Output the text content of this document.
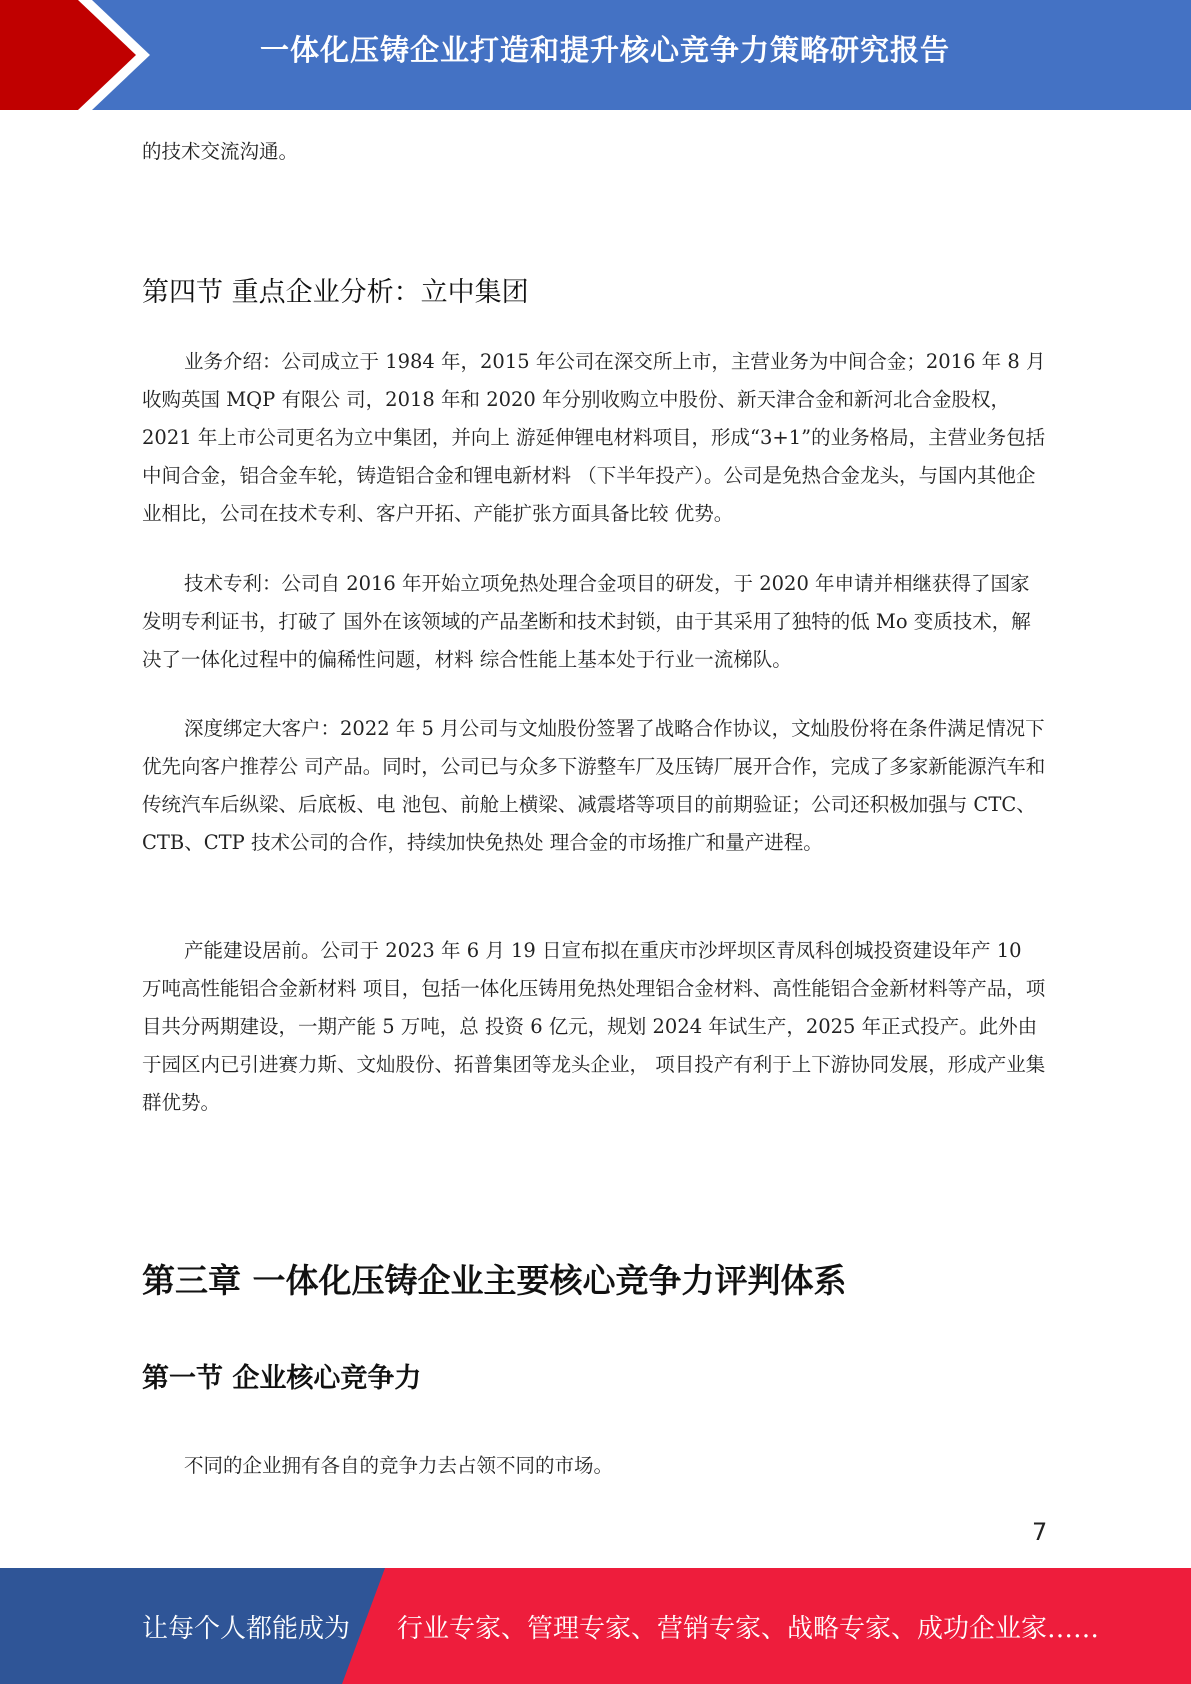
一体化压铸企业打造和提升核心竞争力策略研究报告

的技术交流沟通。

第四节 重点企业分析：立中集团

业务介绍：公司成立于 1984 年，2015 年公司在深交所上市，主营业务为中间合金；2016 年 8 月收购英国 MQP 有限公 司，2018 年和 2020 年分别收购立中股份、新天津合金和新河北合金股权，2021 年上市公司更名为立中集团，并向上 游延伸锂电材料项目，形成“3+1”的业务格局，主营业务包括中间合金，铝合金车轮，铸造铝合金和锂电新材料 （下半年投产）。公司是免热合金龙头，与国内其他企业相比，公司在技术专利、客户开拓、产能扩张方面具备比较 优势。

技术专利：公司自 2016 年开始立项免热处理合金项目的研发，于 2020 年申请并相继获得了国家发明专利证书，打破了 国外在该领域的产品垄断和技术封锁，由于其采用了独特的低 Mo 变质技术，解决了一体化过程中的偏稀性问题，材料 综合性能上基本处于行业一流梯队。

深度绑定大客户：2022 年 5 月公司与文灿股份签署了战略合作协议，文灿股份将在条件满足情况下优先向客户推荐公 司产品。同时，公司已与众多下游整车厂及压铸厂展开合作，完成了多家新能源汽车和传统汽车后纵梁、后底板、电 池包、前舱上横梁、减震塔等项目的前期验证；公司还积极加强与 CTC、CTB、CTP 技术公司的合作，持续加快免热处 理合金的市场推广和量产进程。

产能建设居前。公司于 2023 年 6 月 19 日宣布拟在重庆市沙坪坝区青凤科创城投资建设年产 10 万吨高性能铝合金新材料 项目，包括一体化压铸用免热处理铝合金材料、高性能铝合金新材料等产品，项目共分两期建设，一期产能 5 万吨，总 投资 6 亿元，规划 2024 年试生产，2025 年正式投产。此外由于园区内已引进赛力斯、文灿股份、拓普集团等龙头企业， 项目投产有利于上下游协同发展，形成产业集群优势。

第三章 一体化压铸企业主要核心竞争力评判体系
第一节 企业核心竞争力

不同的企业拥有各自的竞争力去占领不同的市场。

7
让每个人都能成为 行业专家、管理专家、营销专家、战略专家、成功企业家……
